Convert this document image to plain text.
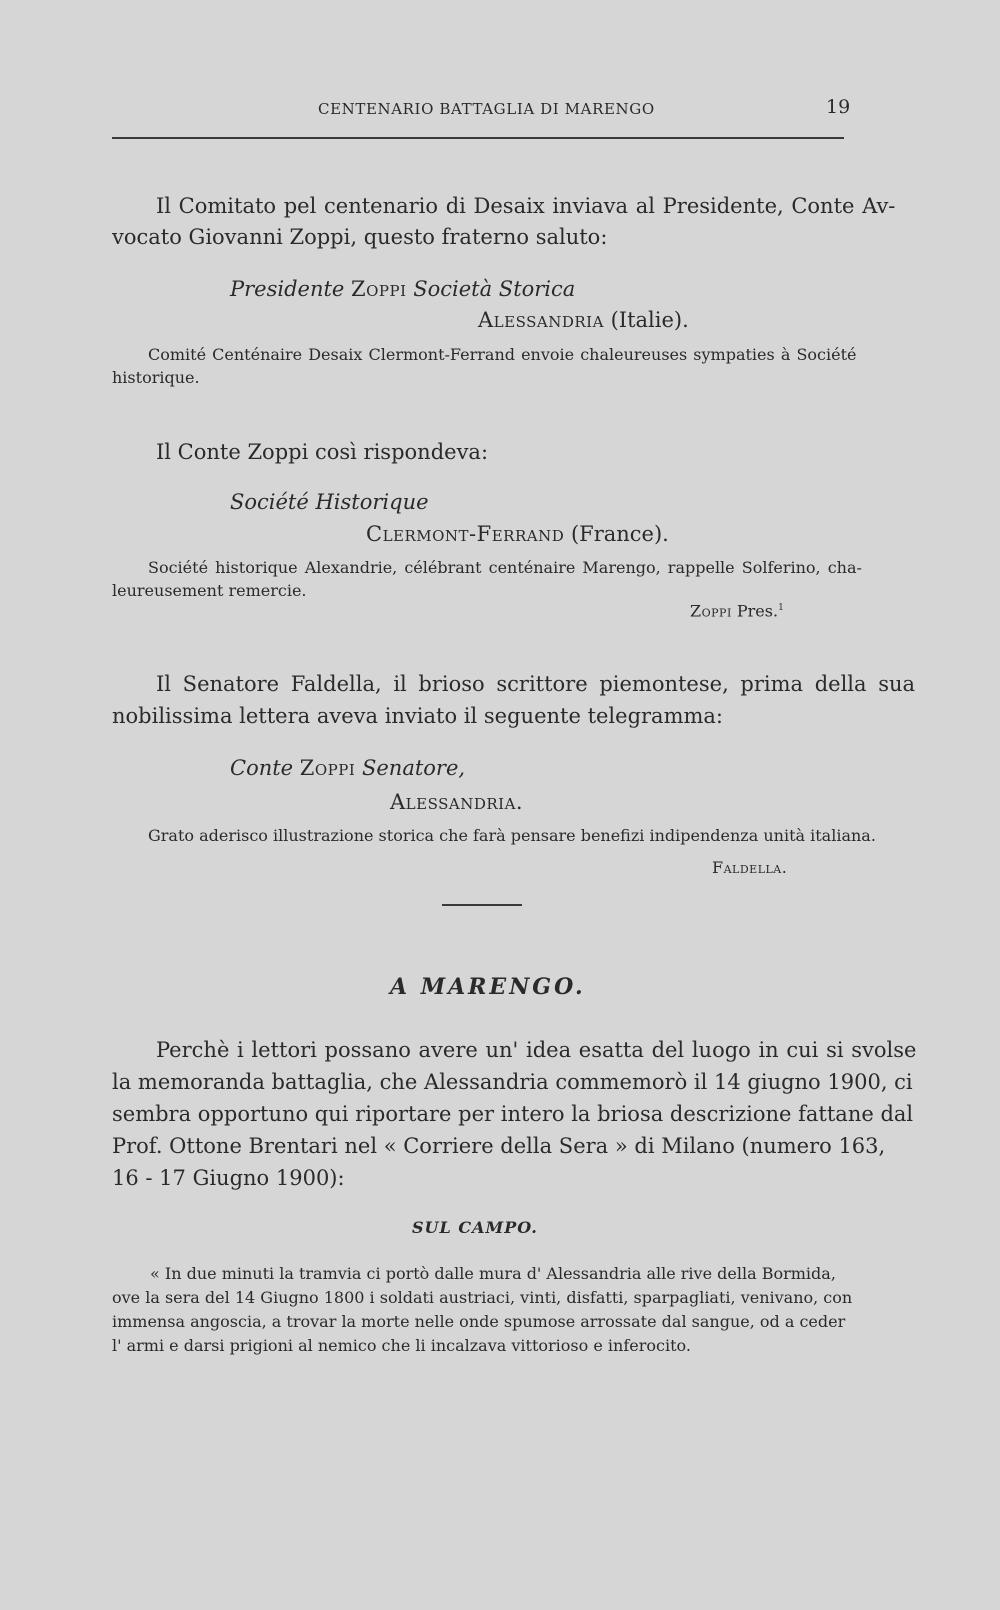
CENTENARIO BATTAGLIA DI MARENGO	19
Il Comitato pel centenario di Desaix inviava al Presidente, Conte Av-
vocato Giovanni Zoppi, questo fraterno saluto:
Presidente Zoppi Società Storica
Alessandria (Italie).
Comité Centénaire Desaix Clermont-Ferrand envoie chaleureuses sympaties à Société
historique.
Il Conte Zoppi così rispondeva:
Société Historique
Clermont-Ferrand (France).
Société historique Alexandrie, célébrant centénaire Marengo, rappelle Solferino, cha-
leureusement remercie.
Zoppi Pres.$^1$
Il Senatore Faldella, il brioso scrittore piemontese, prima della sua
nobilissima lettera aveva inviato il seguente telegramma:
Conte Zoppi Senatore,
Alessandria.
Grato aderisco illustrazione storica che farà pensare benefizi indipendenza unità italiana.
Faldella.
A MARENGO.
Perchè i lettori possano avere un' idea esatta del luogo in cui si svolse
la memoranda battaglia, che Alessandria commemorò il 14 giugno 1900, ci
sembra opportuno qui riportare per intero la briosa descrizione fattane dal
Prof. Ottone Brentari nel « Corriere della Sera » di Milano (numero 163,
16 - 17 Giugno 1900):
SUL CAMPO.
« In due minuti la tramvia ci portò dalle mura d' Alessandria alle rive della Bormida,
ove la sera del 14 Giugno 1800 i soldati austriaci, vinti, disfatti, sparpagliati, venivano, con
immensa angoscia, a trovar la morte nelle onde spumose arrossate dal sangue, od a ceder
l' armi e darsi prigioni al nemico che li incalzava vittorioso e inferocito.
